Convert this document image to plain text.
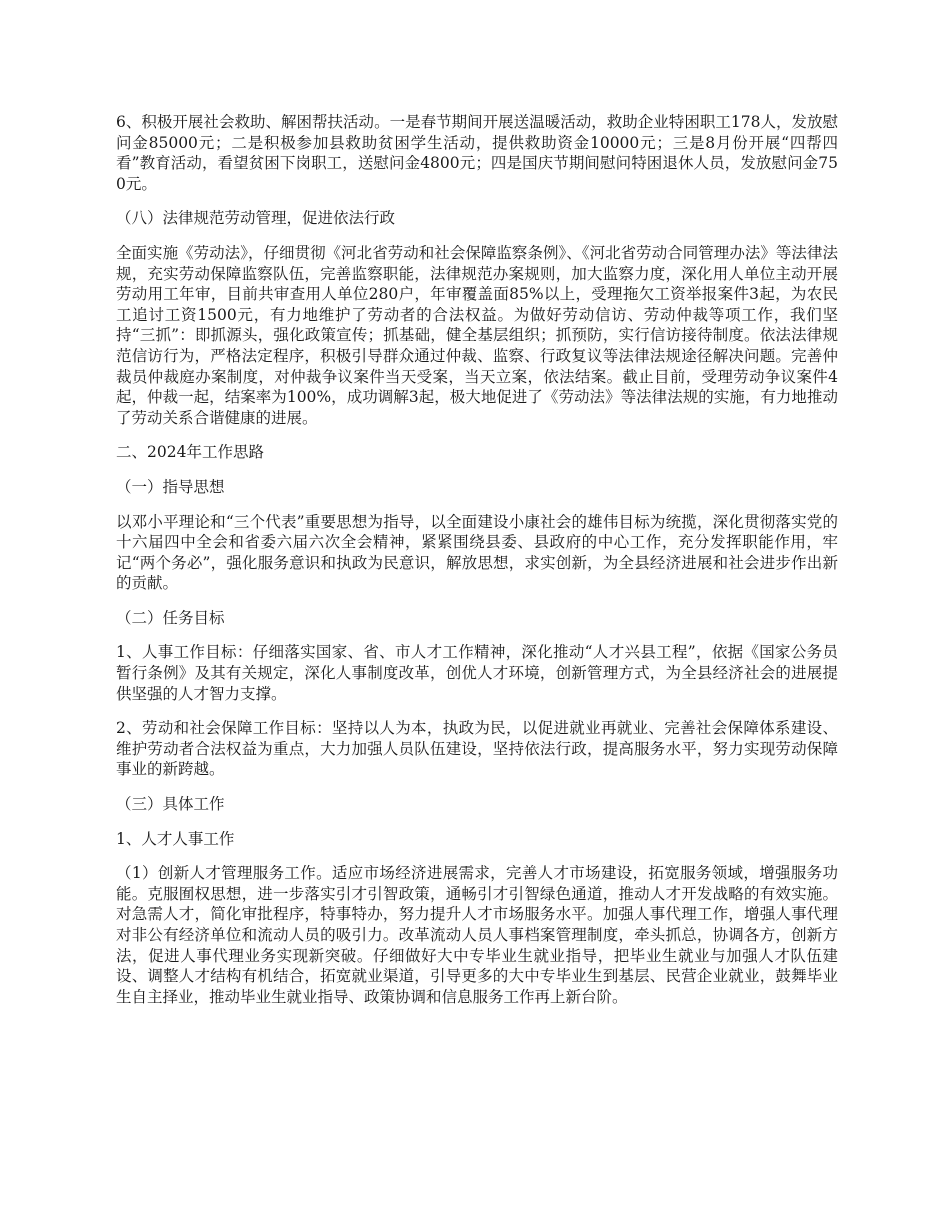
6、积极开展社会救助、解困帮扶活动。一是春节期间开展送温暖活动，救助企业特困职工178人，发放慰问金85000元；二是积极参加县救助贫困学生活动，提供救助资金10000元；三是8月份开展“四帮四看”教育活动，看望贫困下岗职工，送慰问金4800元；四是国庆节期间慰问特困退休人员，发放慰问金750元。

（八）法律规范劳动管理，促进依法行政

全面实施《劳动法》，仔细贯彻《河北省劳动和社会保障监察条例》、《河北省劳动合同管理办法》等法律法规，充实劳动保障监察队伍，完善监察职能，法律规范办案规则，加大监察力度，深化用人单位主动开展劳动用工年审，目前共审查用人单位280户，年审覆盖面85%以上，受理拖欠工资举报案件3起，为农民工追讨工资1500元，有力地维护了劳动者的合法权益。为做好劳动信访、劳动仲裁等项工作，我们坚持“三抓”：即抓源头，强化政策宣传；抓基础，健全基层组织；抓预防，实行信访接待制度。依法法律规范信访行为，严格法定程序，积极引导群众通过仲裁、监察、行政复议等法律法规途径解决问题。完善仲裁员仲裁庭办案制度，对仲裁争议案件当天受案，当天立案，依法结案。截止目前，受理劳动争议案件4起，仲裁一起，结案率为100%，成功调解3起，极大地促进了《劳动法》等法律法规的实施，有力地推动了劳动关系合谐健康的进展。

二、2024年工作思路

（一）指导思想

以邓小平理论和“三个代表”重要思想为指导，以全面建设小康社会的雄伟目标为统揽，深化贯彻落实党的十六届四中全会和省委六届六次全会精神，紧紧围绕县委、县政府的中心工作，充分发挥职能作用，牢记“两个务必”，强化服务意识和执政为民意识，解放思想，求实创新，为全县经济进展和社会进步作出新的贡献。

（二）任务目标

1、人事工作目标：仔细落实国家、省、市人才工作精神，深化推动“人才兴县工程”，依据《国家公务员暂行条例》及其有关规定，深化人事制度改革，创优人才环境，创新管理方式，为全县经济社会的进展提供坚强的人才智力支撑。

2、劳动和社会保障工作目标：坚持以人为本，执政为民，以促进就业再就业、完善社会保障体系建设、维护劳动者合法权益为重点，大力加强人员队伍建设，坚持依法行政，提高服务水平，努力实现劳动保障事业的新跨越。

（三）具体工作

1、人才人事工作

（1）创新人才管理服务工作。适应市场经济进展需求，完善人才市场建设，拓宽服务领域，增强服务功能。克服囿权思想，进一步落实引才引智政策，通畅引才引智绿色通道，推动人才开发战略的有效实施。对急需人才，简化审批程序，特事特办，努力提升人才市场服务水平。加强人事代理工作，增强人事代理对非公有经济单位和流动人员的吸引力。改革流动人员人事档案管理制度，牵头抓总，协调各方，创新方法，促进人事代理业务实现新突破。仔细做好大中专毕业生就业指导，把毕业生就业与加强人才队伍建设、调整人才结构有机结合，拓宽就业渠道，引导更多的大中专毕业生到基层、民营企业就业，鼓舞毕业生自主择业，推动毕业生就业指导、政策协调和信息服务工作再上新台阶。
